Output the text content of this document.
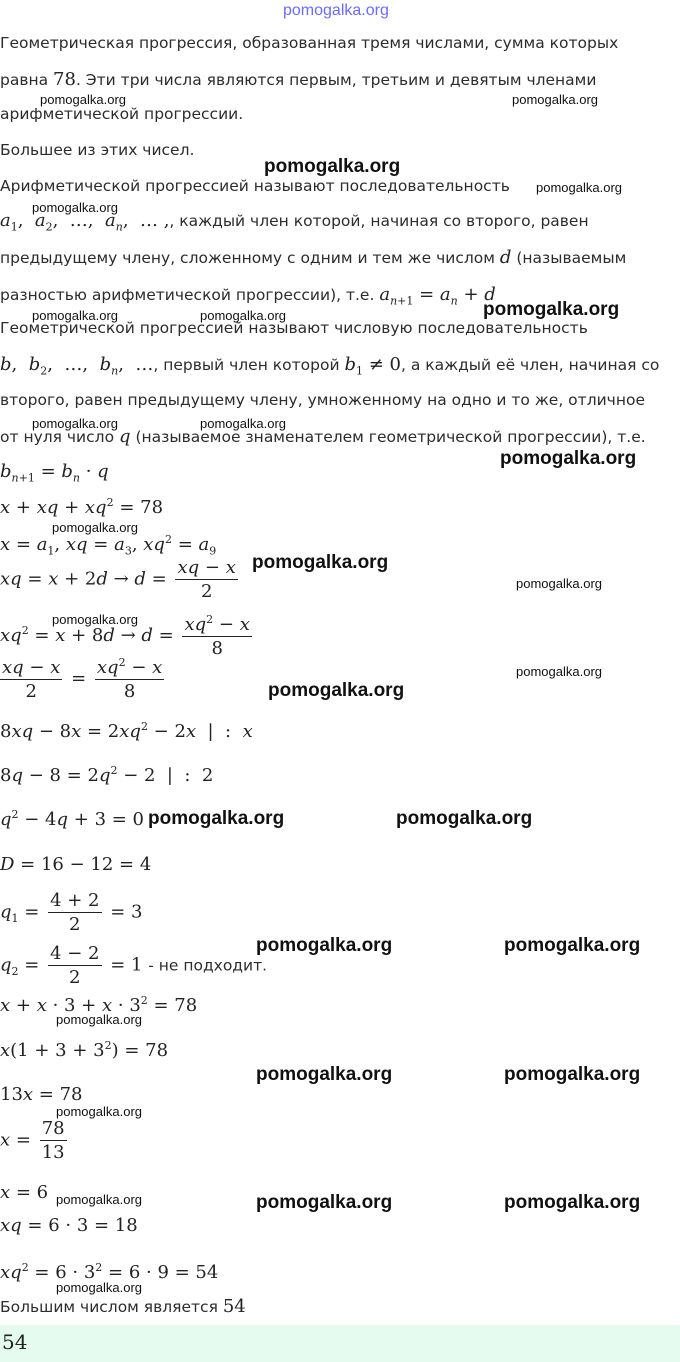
pomogalka.org
Геометрическая прогрессия, образованная тремя числами, сумма которых
равна 78. Эти три числа являются первым, третьим и девятым членами
арифметической прогрессии.
Большее из этих чисел.
Арифметической прогрессией называют последовательность
$a_1$,  $a_2$,  …,  $a_n$,  … ,, каждый член которой, начиная со второго, равен
предыдущему члену, сложенному с одним и тем же числом d (называемым
разностью арифметической прогрессии), т.е. $a_{n+1} = a_n + d$
Геометрической прогрессией называют числовую последовательность
b,  $b_2$,  …,  $b_n$,  …, первый член которой $b_1 \ne 0$, а каждый её член, начиная со
второго, равен предыдущему члену, умноженному на одно и то же, отличное
от нуля число q (называемое знаменателем геометрической прогрессии), т.е.
$b_{n+1} = b_n \cdot q$
x + xq + $xq^2 = 78$
$x = a_1$, xq = $a_3$, $xq^2 = a_9$
xq = $x + 2d \to d = \frac{xq - x}{2}$
$xq^2 = x + 8d \to d = \frac{xq^2 - x}{8}$
$\frac{xq - x}{2} = \frac{xq^2 - x}{8}$
$8xq - 8x = 2xq^2 - 2x$  |  :  x
$8q - 8 = 2q^2 - 2$  |  :  2
$q^2 - 4q + 3 = 0$
D = 16 − 12 = 4
$q_1 = \frac{4 + 2}{2} = 3$
$q_2 = \frac{4 - 2}{2} = 1$ - не подходит.
$x + x \cdot 3 + x \cdot 3^2 = 78$
$x(1 + 3 + 3^2) = 78$
13x = 78
$x = \frac{78}{13}$
x = 6
xq = 6 · 3 = 18
$xq^2 = 6 \cdot 3^2 = 6 \cdot 9 = 54$
Большим числом является 54
54
pomogalka.org
pomogalka.org
pomogalka.org
pomogalka.org
pomogalka.org
pomogalka.org	pomogalka.org
pomogalka.org	pomogalka.org
pomogalka.org	pomogalka.org
pomogalka.org	pomogalka.org
pomogalka.org	pomogalka.org
pomogalka.org
pomogalka.org
pomogalka.org	pomogalka.org
pomogalka.org	pomogalka.org
pomogalka.org
pomogalka.org
pomogalka.org
pomogalka.org
pomogalka.org
pomogalka.org
pomogalka.org
pomogalka.org
